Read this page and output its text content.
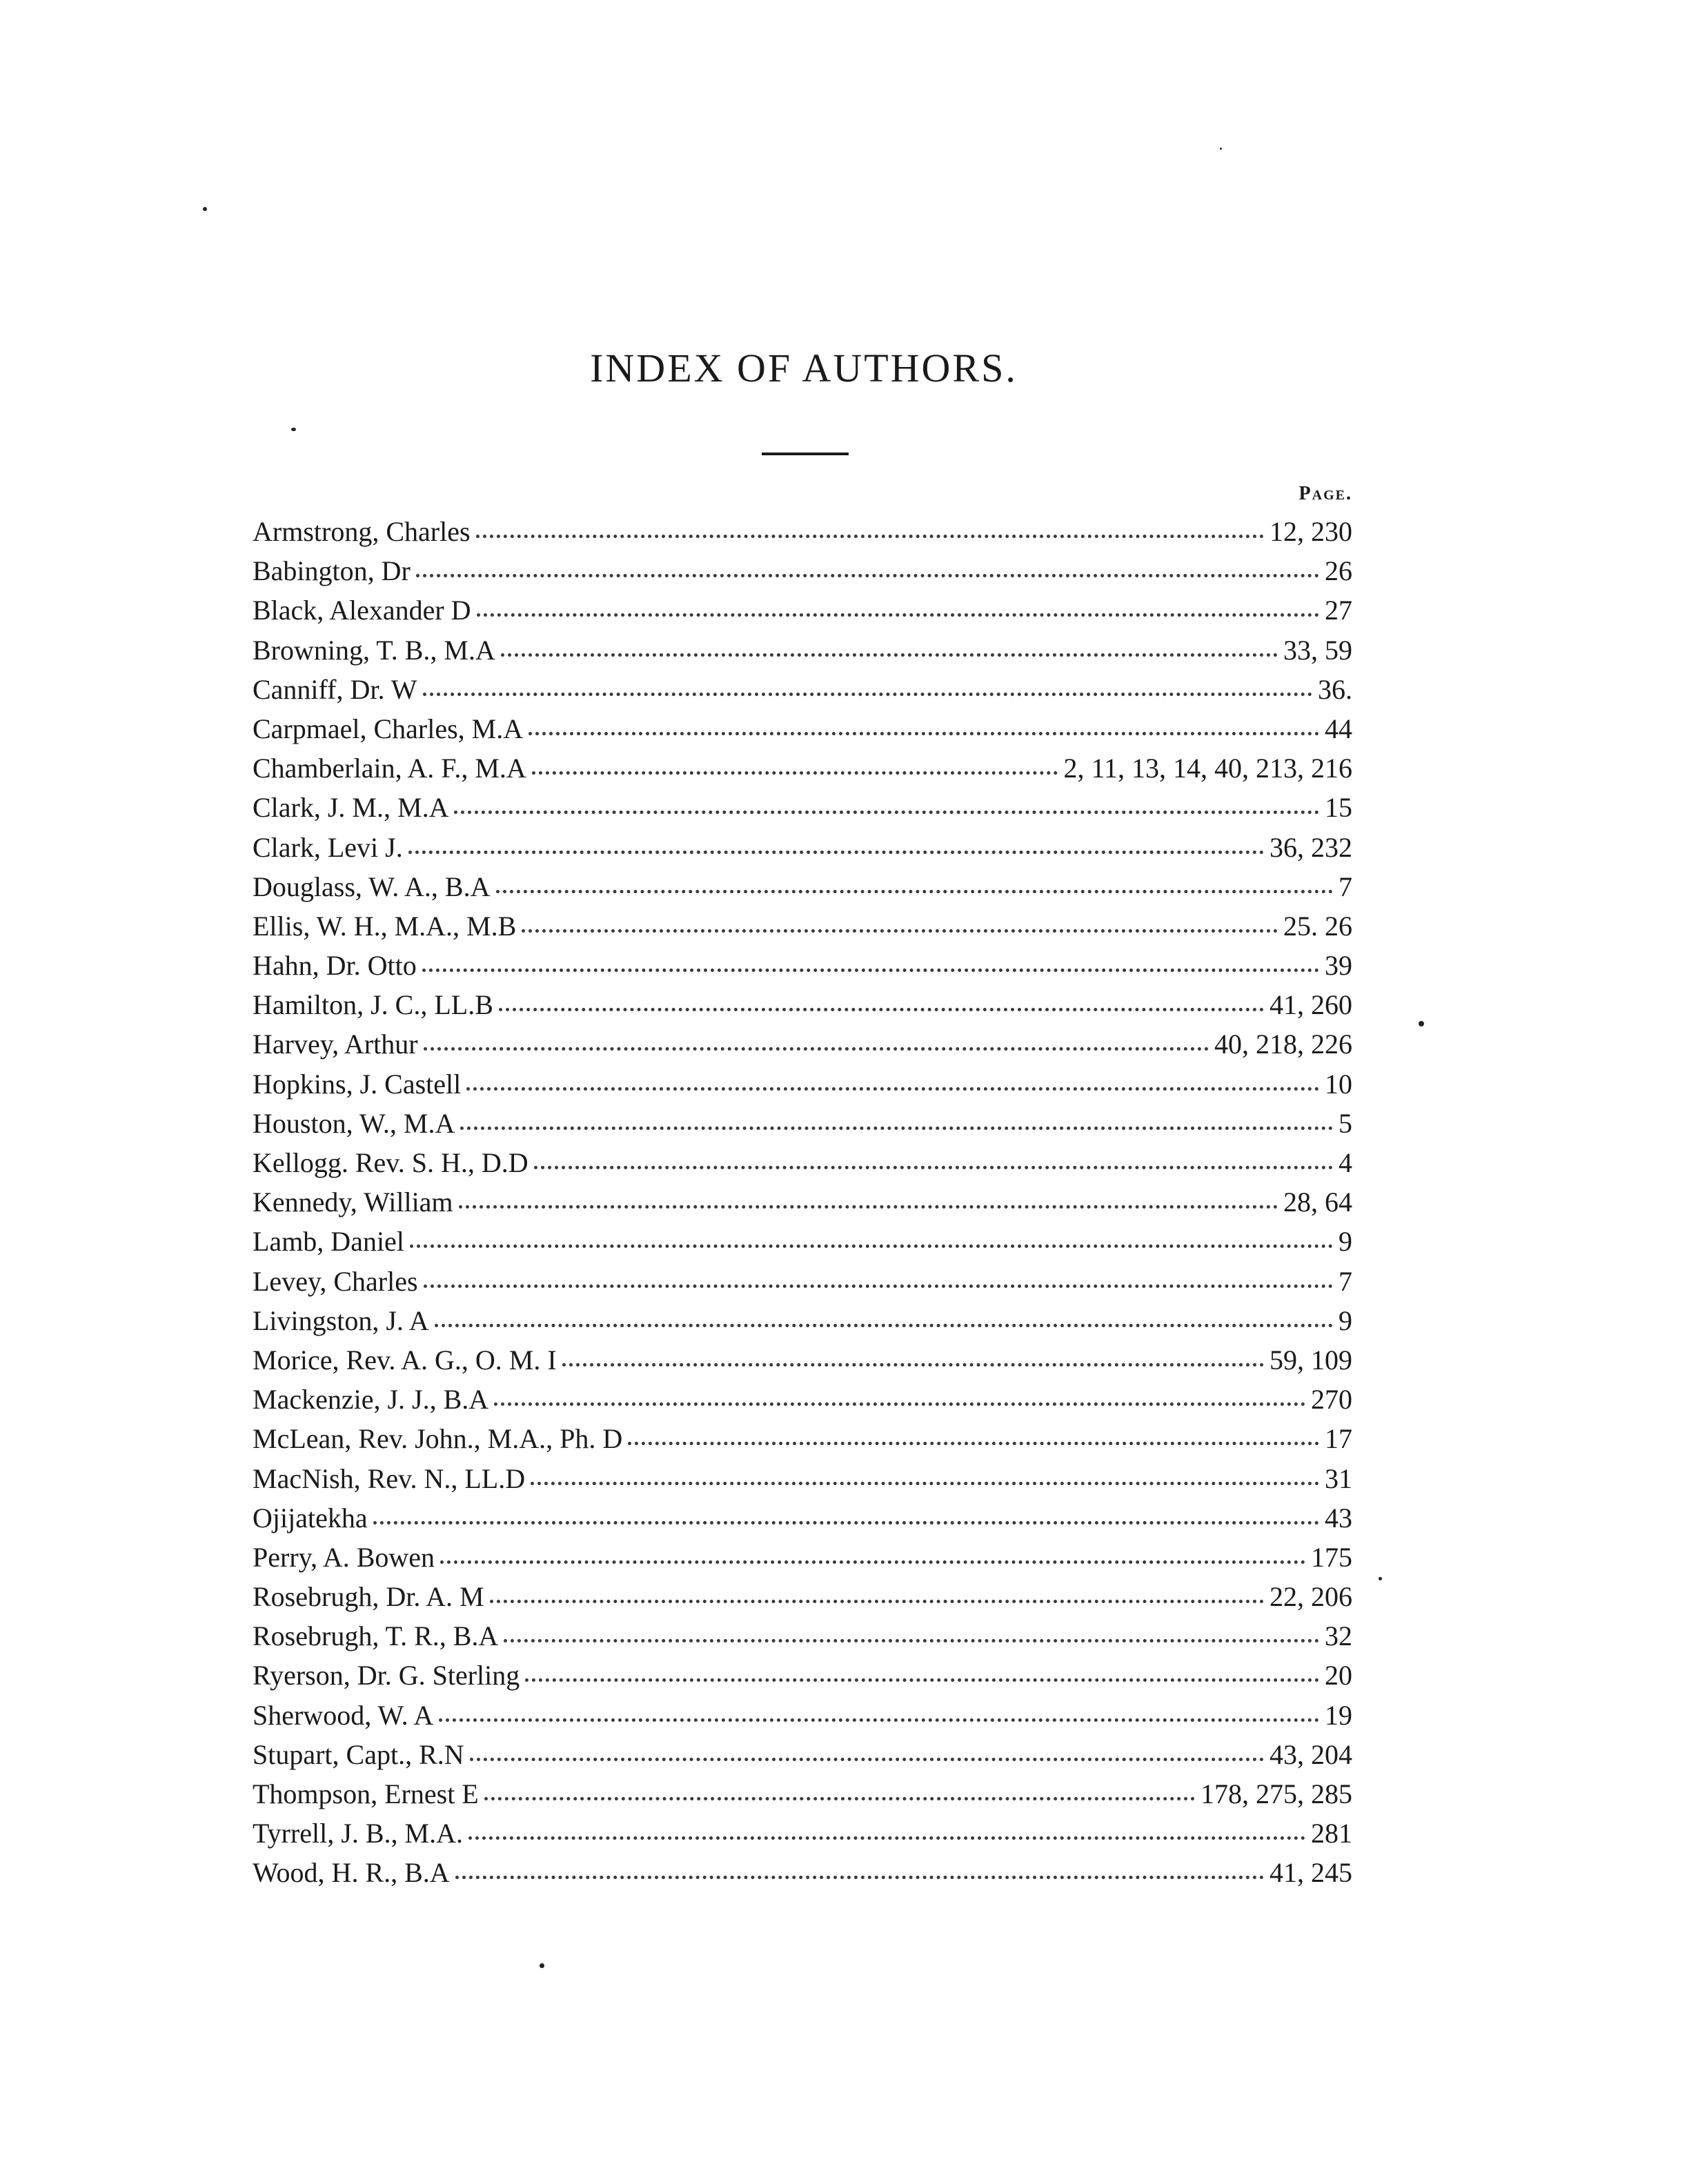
INDEX OF AUTHORS.
Page.
Armstrong, Charles	12, 230
Babington, Dr	26
Black, Alexander D	27
Browning, T. B., M.A	33, 59
Canniff, Dr. W	36.
Carpmael, Charles, M.A	44
Chamberlain, A. F., M.A	2, 11, 13, 14, 40, 213, 216
Clark, J. M., M.A	15
Clark, Levi J.	36, 232
Douglass, W. A., B.A	7
Ellis, W. H., M.A., M.B	25. 26
Hahn, Dr. Otto	39
Hamilton, J. C., LL.B	41, 260
Harvey, Arthur	40, 218, 226
Hopkins, J. Castell	10
Houston, W., M.A	5
Kellogg. Rev. S. H., D.D	4
Kennedy, William	28, 64
Lamb, Daniel	9
Levey, Charles	7
Livingston, J. A	9
Morice, Rev. A. G., O. M. I	59, 109
Mackenzie, J. J., B.A	270
McLean, Rev. John., M.A., Ph. D	17
MacNish, Rev. N., LL.D	31
Ojijatekha	43
Perry, A. Bowen	175
Rosebrugh, Dr. A. M	22, 206
Rosebrugh, T. R., B.A	32
Ryerson, Dr. G. Sterling	20
Sherwood, W. A	19
Stupart, Capt., R.N	43, 204
Thompson, Ernest E	178, 275, 285
Tyrrell, J. B., M.A.	281
Wood, H. R., B.A	41, 245
